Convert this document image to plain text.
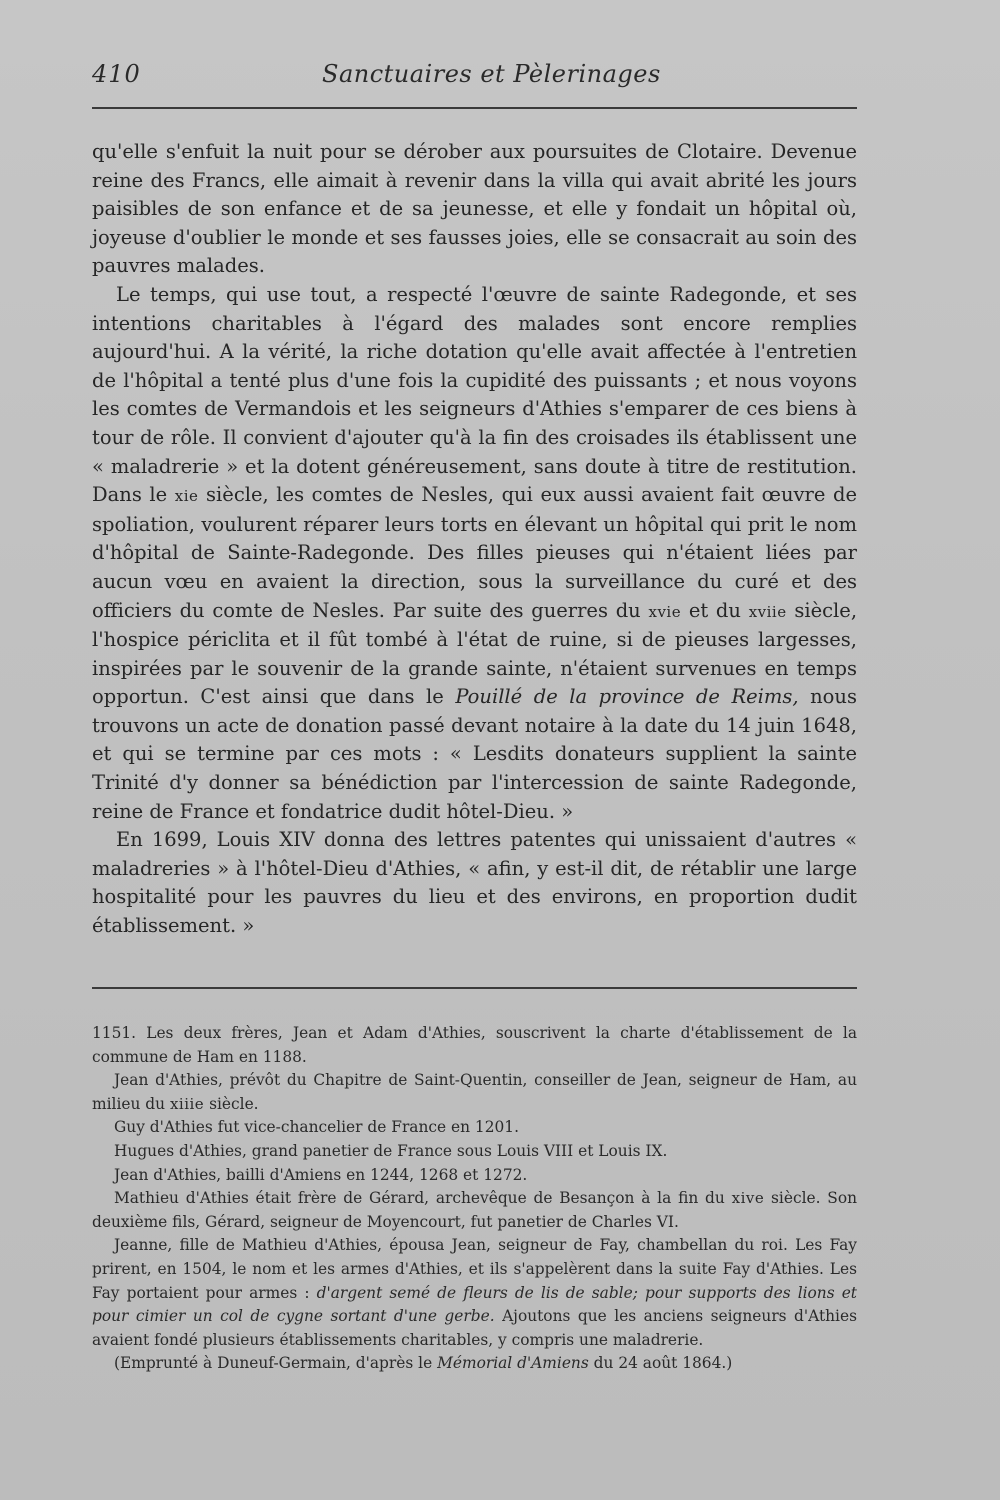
410	Sanctuaires et Pèlerinages

qu'elle s'enfuit la nuit pour se dérober aux poursuites de Clotaire. Devenue reine des Francs, elle aimait à revenir dans la villa qui avait abrité les jours paisibles de son enfance et de sa jeunesse, et elle y fondait un hôpital où, joyeuse d'oublier le monde et ses fausses joies, elle se consacrait au soin des pauvres malades.

Le temps, qui use tout, a respecté l'œuvre de sainte Radegonde, et ses intentions charitables à l'égard des malades sont encore remplies aujourd'hui. A la vérité, la riche dotation qu'elle avait affectée à l'entretien de l'hôpital a tenté plus d'une fois la cupidité des puissants ; et nous voyons les comtes de Vermandois et les seigneurs d'Athies s'emparer de ces biens à tour de rôle. Il convient d'ajouter qu'à la fin des croisades ils établissent une « maladrerie » et la dotent généreusement, sans doute à titre de restitution. Dans le xie siècle, les comtes de Nesles, qui eux aussi avaient fait œuvre de spoliation, voulurent réparer leurs torts en élevant un hôpital qui prit le nom d'hôpital de Sainte-Radegonde. Des filles pieuses qui n'étaient liées par aucun vœu en avaient la direction, sous la surveillance du curé et des officiers du comte de Nesles. Par suite des guerres du xvie et du xviie siècle, l'hospice périclita et il fût tombé à l'état de ruine, si de pieuses largesses, inspirées par le souvenir de la grande sainte, n'étaient survenues en temps opportun. C'est ainsi que dans le Pouillé de la province de Reims, nous trouvons un acte de donation passé devant notaire à la date du 14 juin 1648, et qui se termine par ces mots : « Lesdits donateurs supplient la sainte Trinité d'y donner sa bénédiction par l'intercession de sainte Radegonde, reine de France et fondatrice dudit hôtel-Dieu. »

En 1699, Louis XIV donna des lettres patentes qui unissaient d'autres « maladreries » à l'hôtel-Dieu d'Athies, « afin, y est-il dit, de rétablir une large hospitalité pour les pauvres du lieu et des environs, en proportion dudit établissement. »

1151. Les deux frères, Jean et Adam d'Athies, souscrivent la charte d'établissement de la commune de Ham en 1188.

Jean d'Athies, prévôt du Chapitre de Saint-Quentin, conseiller de Jean, seigneur de Ham, au milieu du xiiie siècle.

Guy d'Athies fut vice-chancelier de France en 1201.

Hugues d'Athies, grand panetier de France sous Louis VIII et Louis IX.

Jean d'Athies, bailli d'Amiens en 1244, 1268 et 1272.

Mathieu d'Athies était frère de Gérard, archevêque de Besançon à la fin du xive siècle. Son deuxième fils, Gérard, seigneur de Moyencourt, fut panetier de Charles VI.

Jeanne, fille de Mathieu d'Athies, épousa Jean, seigneur de Fay, chambellan du roi. Les Fay prirent, en 1504, le nom et les armes d'Athies, et ils s'appelèrent dans la suite Fay d'Athies. Les Fay portaient pour armes : d'argent semé de fleurs de lis de sable; pour supports des lions et pour cimier un col de cygne sortant d'une gerbe. Ajoutons que les anciens seigneurs d'Athies avaient fondé plusieurs établissements charitables, y compris une maladrerie.

(Emprunté à Duneuf-Germain, d'après le Mémorial d'Amiens du 24 août 1864.)
